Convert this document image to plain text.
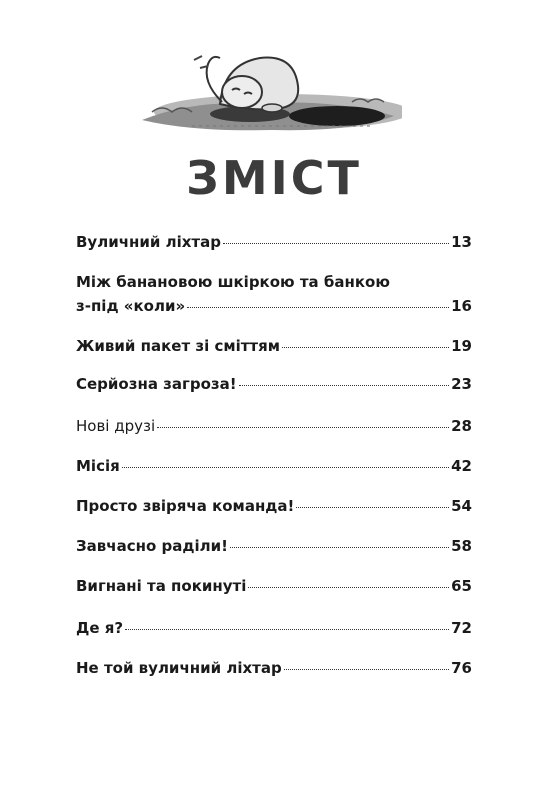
ЗМІСТ
Вуличний ліхтар	13
Між банановою шкіркою та банкою
з-під «коли»	16
Живий пакет зі сміттям	19
Серйозна загроза!	23
Нові друзі	28
Місія	42
Просто звіряча команда!	54
Завчасно раділи!	58
Вигнані та покинуті	65
Де я?	72
Не той вуличний ліхтар	76
